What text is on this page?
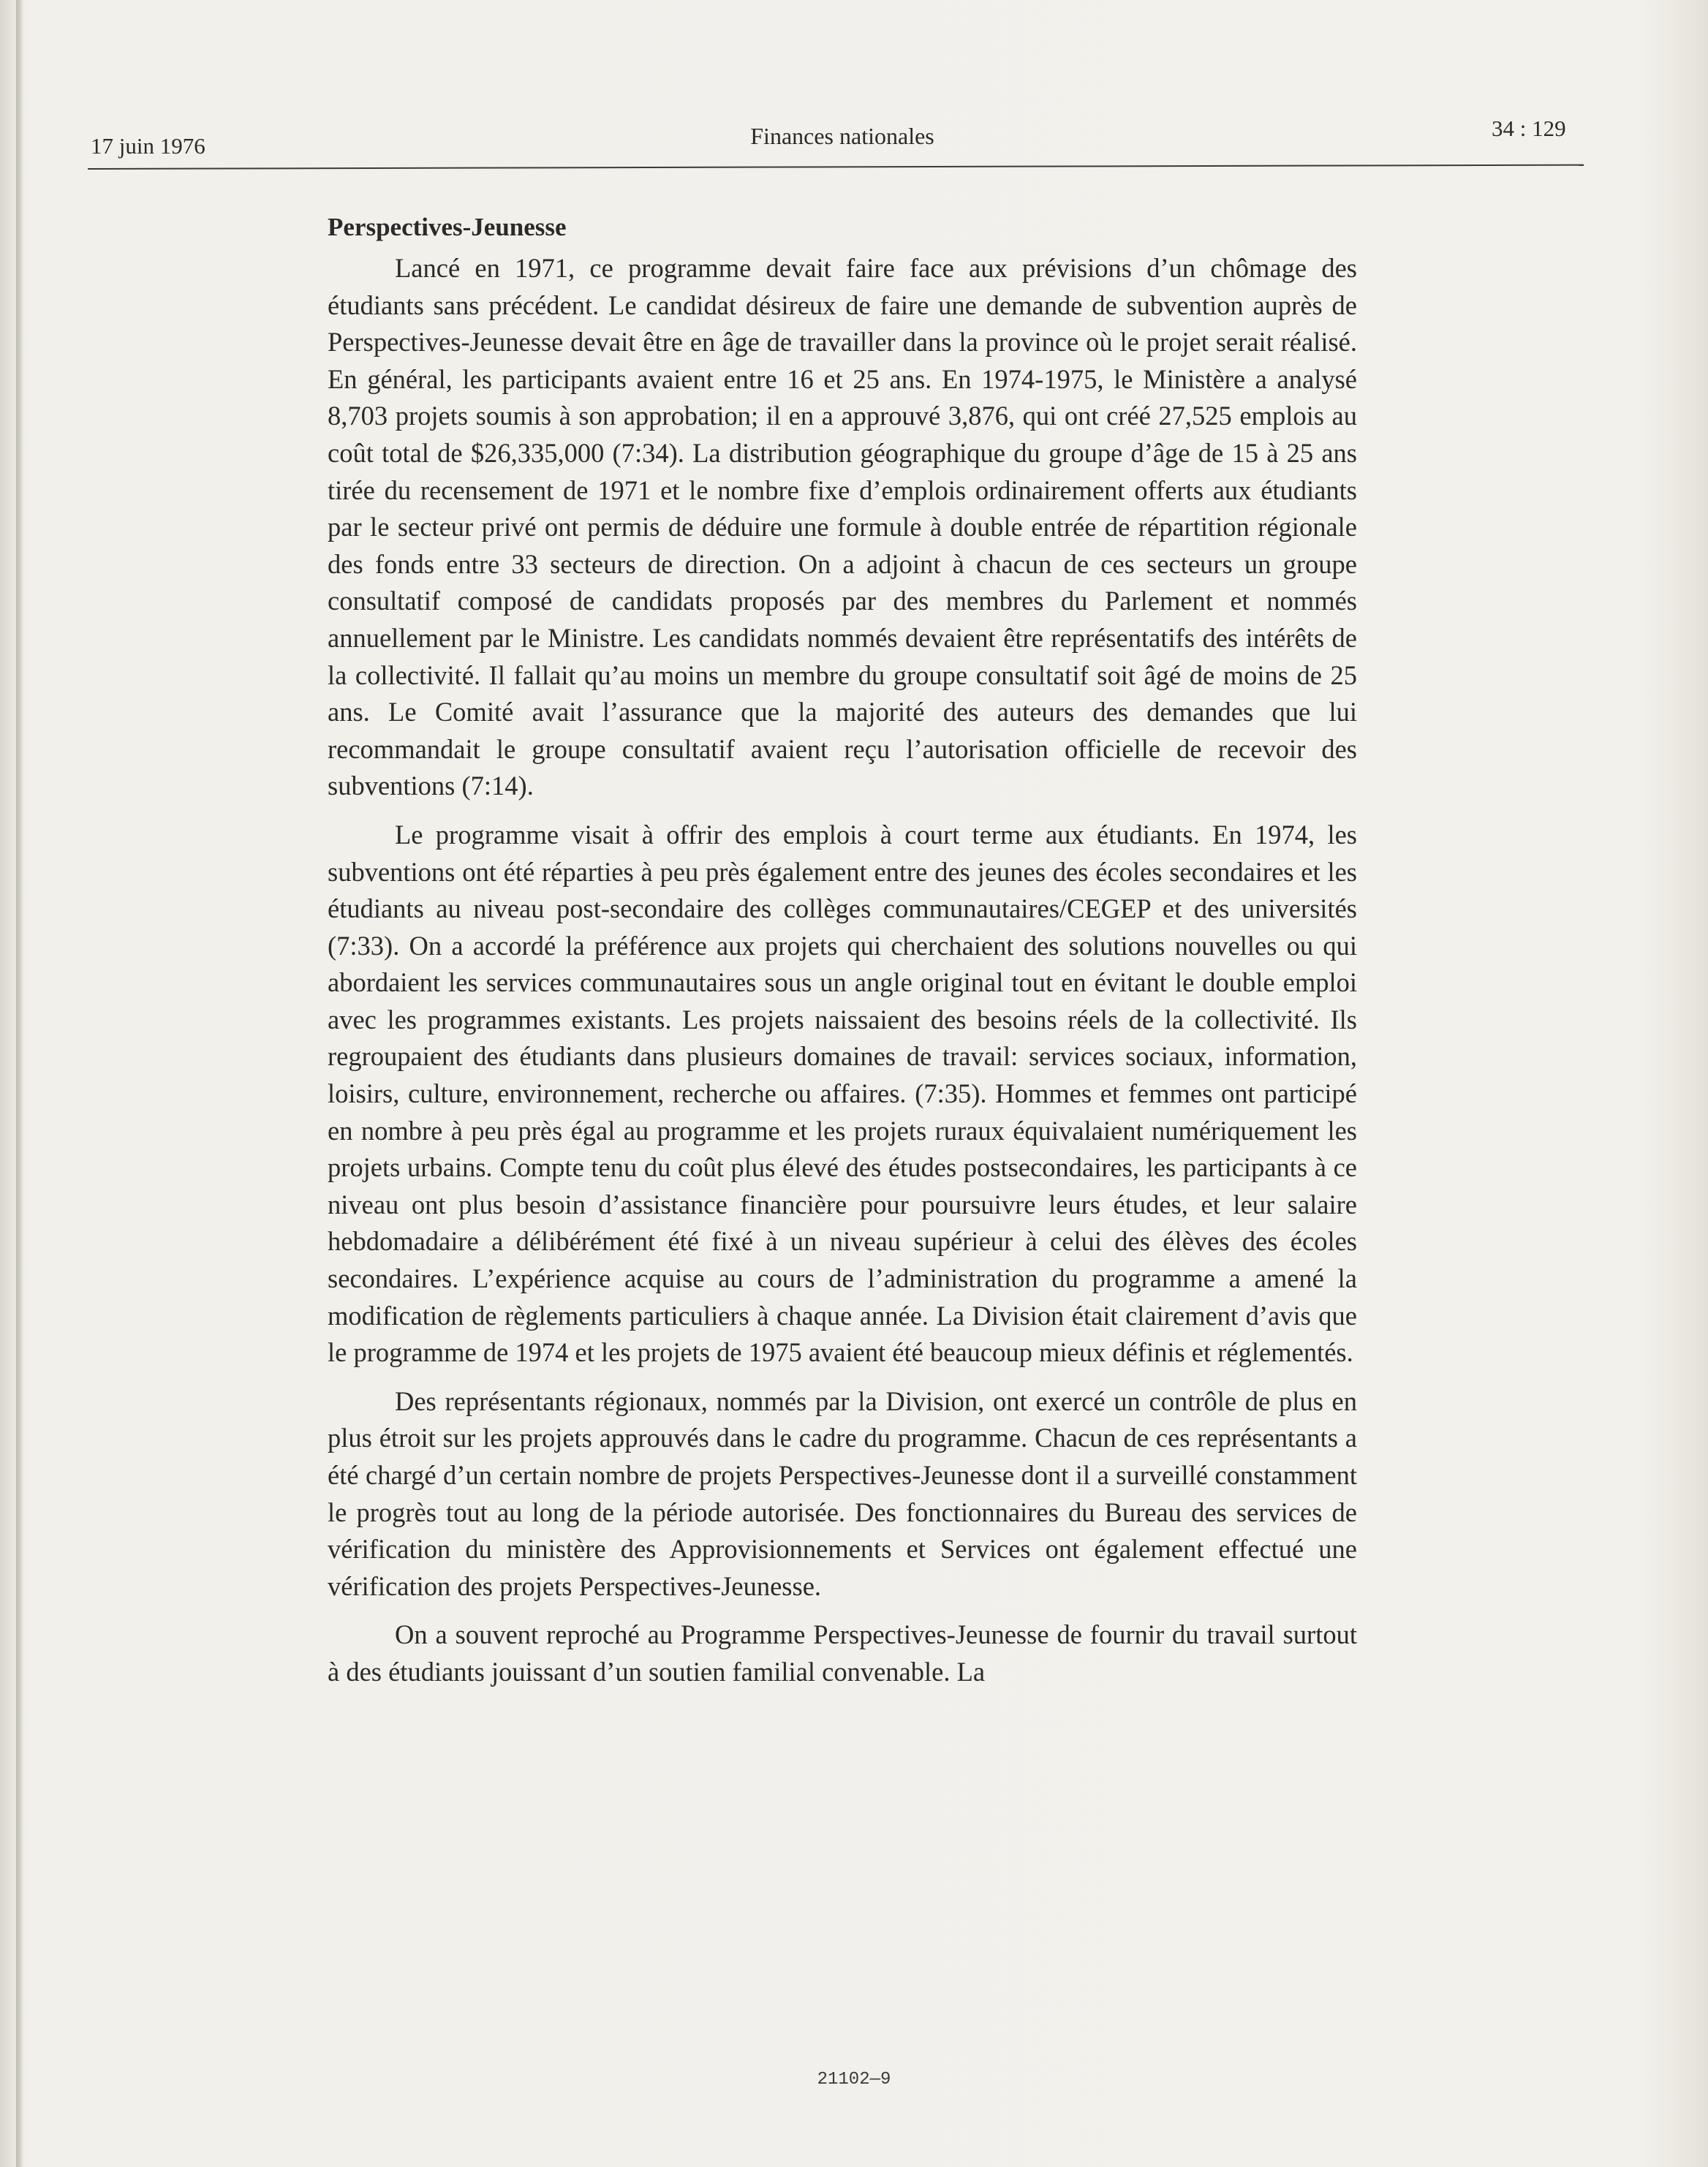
17 juin 1976	Finances nationales	34 : 129
Perspectives-Jeunesse

Lancé en 1971, ce programme devait faire face aux prévisions d’un chômage des étudiants sans précédent. Le candidat désireux de faire une demande de subvention auprès de Perspectives-Jeunesse devait être en âge de travailler dans la province où le projet serait réalisé. En général, les participants avaient entre 16 et 25 ans. En 1974-1975, le Ministère a analysé 8,703 projets soumis à son approbation; il en a approuvé 3,876, qui ont créé 27,525 emplois au coût total de $26,335,000 (7:34). La distribution géographique du groupe d’âge de 15 à 25 ans tirée du recensement de 1971 et le nombre fixe d’emplois ordinairement offerts aux étudiants par le secteur privé ont permis de déduire une formule à double entrée de répartition régionale des fonds entre 33 secteurs de direction. On a adjoint à chacun de ces secteurs un groupe consultatif composé de candidats proposés par des membres du Parlement et nommés annuellement par le Ministre. Les candidats nommés devaient être représentatifs des intérêts de la collectivité. Il fallait qu’au moins un membre du groupe consultatif soit âgé de moins de 25 ans. Le Comité avait l’assurance que la majorité des auteurs des demandes que lui recommandait le groupe consultatif avaient reçu l’autorisation officielle de recevoir des subventions (7:14).

Le programme visait à offrir des emplois à court terme aux étudiants. En 1974, les subventions ont été réparties à peu près également entre des jeunes des écoles secondaires et les étudiants au niveau post-secondaire des collèges communautaires/CEGEP et des universités (7:33). On a accordé la préférence aux projets qui cherchaient des solutions nouvelles ou qui abordaient les services communautaires sous un angle original tout en évitant le double emploi avec les programmes existants. Les projets naissaient des besoins réels de la collectivité. Ils regroupaient des étudiants dans plusieurs domaines de travail: services sociaux, information, loisirs, culture, environnement, recherche ou affaires. (7:35). Hommes et femmes ont participé en nombre à peu près égal au programme et les projets ruraux équivalaient numériquement les projets urbains. Compte tenu du coût plus élevé des études postsecondaires, les participants à ce niveau ont plus besoin d’assistance financière pour poursuivre leurs études, et leur salaire hebdomadaire a délibérément été fixé à un niveau supérieur à celui des élèves des écoles secondaires. L’expérience acquise au cours de l’administration du programme a amené la modification de règlements particuliers à chaque année. La Division était clairement d’avis que le programme de 1974 et les projets de 1975 avaient été beaucoup mieux définis et réglementés.

Des représentants régionaux, nommés par la Division, ont exercé un contrôle de plus en plus étroit sur les projets approuvés dans le cadre du programme. Chacun de ces représentants a été chargé d’un certain nombre de projets Perspectives-Jeunesse dont il a surveillé constamment le progrès tout au long de la période autorisée. Des fonctionnaires du Bureau des services de vérification du ministère des Approvisionnements et Services ont également effectué une vérification des projets Perspectives-Jeunesse.

On a souvent reproché au Programme Perspectives-Jeunesse de fournir du travail surtout à des étudiants jouissant d’un soutien familial convenable. La

21102—9
